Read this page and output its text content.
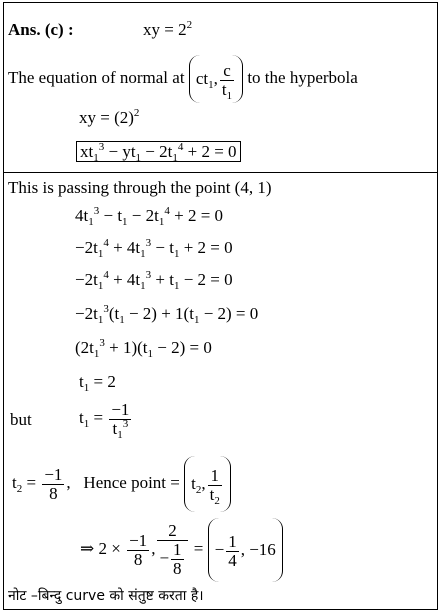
Ans. (c) :	xy = $2^2$
The equation of normal at $ct_1$, $\frac{c}{t_1}$ to the hyperbola
xy = $(2)^2$
$xt_1^3 - yt_1 - 2t_1^4 + 2 = 0$
This is passing through the point (4, 1)
$4t_1^3 - t_1 - 2t_1^4 + 2 = 0$
$-2t_1^4 + 4t_1^3 - t_1 + 2 = 0$
$-2t_1^4 + 4t_1^3 + t_1 - 2 = 0$
$-2t_1^3(t_1 - 2) + 1(t_1 - 2) = 0$
$(2t_1^3 + 1)(t_1 - 2) = 0$
$t_1 = 2$
but	$t_1 = \frac{-1}{t_1^3}$
$t_2 = \frac{-1}{8}$ , Hence point = $t_2$, $\frac{1}{t_2}$
⇒ $2 \times \frac{-1}{8}$ , $\frac{2}{- \frac{1}{8}}$ = − $\frac{1}{4}$ , −16
नोट –बिन्दु curve को संतुष्ट करता है।
